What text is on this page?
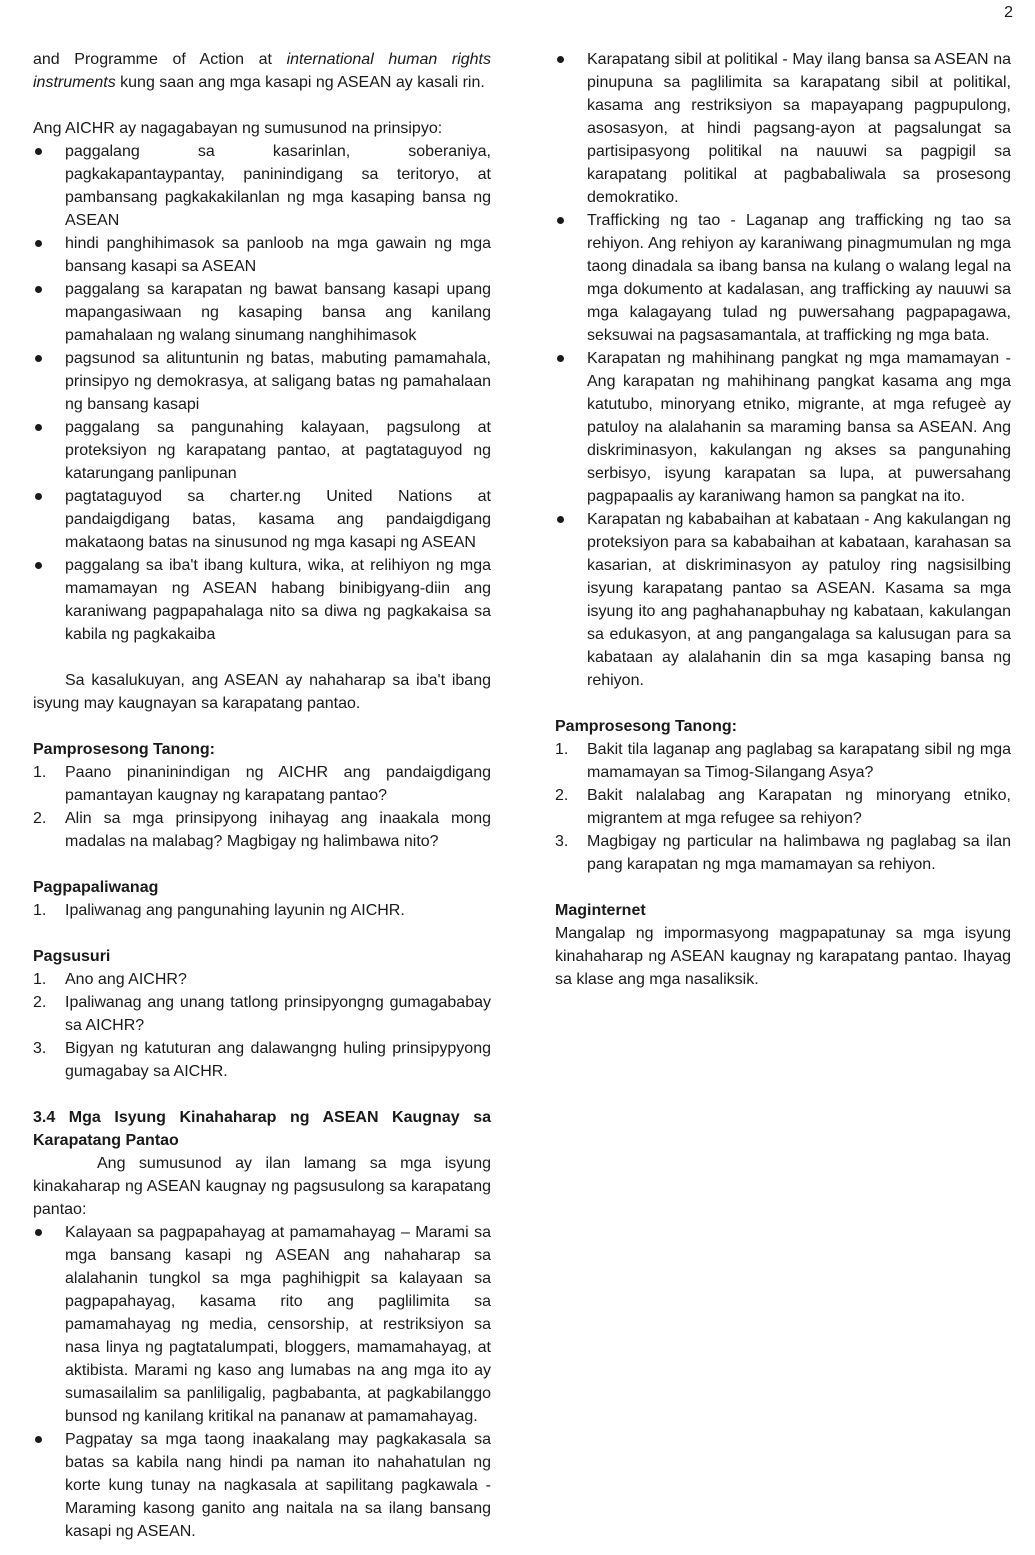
2

and Programme of Action at international human rights instruments kung saan ang mga kasapi ng ASEAN ay kasali rin.

Ang AICHR ay nagagabayan ng sumusunod na prinsipyo:

paggalang sa kasarinlan, soberaniya, pagkakapantaypantay, paninindigang sa teritoryo, at pambansang pagkakakilanlan ng mga kasaping bansa ng ASEAN
hindi panghihimasok sa panloob na mga gawain ng mga bansang kasapi sa ASEAN
paggalang sa karapatan ng bawat bansang kasapi upang mapangasiwaan ng kasaping bansa ang kanilang pamahalaan ng walang sinumang nanghihimasok
pagsunod sa alituntunin ng batas, mabuting pamamahala, prinsipyo ng demokrasya, at saligang batas ng pamahalaan ng bansang kasapi
paggalang sa pangunahing kalayaan, pagsulong at proteksiyon ng karapatang pantao, at pagtataguyod ng katarungang panlipunan
pagtataguyod sa charter.ng United Nations at pandaigdigang batas, kasama ang pandaigdigang makataong batas na sinusunod ng mga kasapi ng ASEAN
paggalang sa iba't ibang kultura, wika, at relihiyon ng mga mamamayan ng ASEAN habang binibigyang-diin ang karaniwang pagpapahalaga nito sa diwa ng pagkakaisa sa kabila ng pagkakaiba

Sa kasalukuyan, ang ASEAN ay nahaharap sa iba't ibang isyung may kaugnayan sa karapatang pantao.

Pamprosesong Tanong:
1. Paano pinaninindigan ng AICHR ang pandaigdigang pamantayan kaugnay ng karapatang pantao?
2. Alin sa mga prinsipyong inihayag ang inaakala mong madalas na malabag? Magbigay ng halimbawa nito?
Pagpapaliwanag
1. Ipaliwanag ang pangunahing layunin ng AICHR.
Pagsusuri
1. Ano ang AICHR?
2. Ipaliwanag ang unang tatlong prinsipyongng gumagababay sa AICHR?
3. Bigyan ng katuturan ang dalawangng huling prinsipypyong gumagabay sa AICHR.

3.4 Mga Isyung Kinahaharap ng ASEAN Kaugnay sa Karapatang Pantao

Ang sumusunod ay ilan lamang sa mga isyung kinakaharap ng ASEAN kaugnay ng pagsusulong sa karapatang pantao:

Kalayaan sa pagpapahayag at pamamahayag – Marami sa mga bansang kasapi ng ASEAN ang nahaharap sa alalahanin tungkol sa mga paghihigpit sa kalayaan sa pagpapahayag, kasama rito ang paglilimita sa pamamahayag ng media, censorship, at restriksiyon sa nasa linya ng pagtatalumpati, bloggers, mamamahayag, at aktibista. Marami ng kaso ang lumabas na ang mga ito ay sumasailalim sa panliligalig, pagbabanta, at pagkabilanggo bunsod ng kanilang kritikal na pananaw at pamamahayag.
Pagpatay sa mga taong inaakalang may pagkakasala sa batas sa kabila nang hindi pa naman ito nahahatulan ng korte kung tunay na nagkasala at sapilitang pagkawala - Maraming kasong ganito ang naitala na sa ilang bansang kasapi ng ASEAN.
Karapatang sibil at politikal - May ilang bansa sa ASEAN na pinupuna sa paglilimita sa karapatang sibil at politikal, kasama ang restriksiyon sa mapayapang pagpupulong, asosasyon, at hindi pagsang-ayon at pagsalungat sa partisipasyong politikal na nauuwi sa pagpigil sa karapatang politikal at pagbabaliwala sa prosesong demokratiko.
Trafficking ng tao - Laganap ang trafficking ng tao sa rehiyon. Ang rehiyon ay karaniwang pinagmumulan ng mga taong dinadala sa ibang bansa na kulang o walang legal na mga dokumento at kadalasan, ang trafficking ay nauuwi sa mga kalagayang tulad ng puwersahang pagpapagawa, seksuwai na pagsasamantala, at trafficking ng mga bata.
Karapatan ng mahihinang pangkat ng mga mamamayan - Ang karapatan ng mahihinang pangkat kasama ang mga katutubo, minoryang etniko, migrante, at mga refugeè ay patuloy na alalahanin sa maraming bansa sa ASEAN. Ang diskriminasyon, kakulangan ng akses sa pangunahing serbisyo, isyung karapatan sa lupa, at puwersahang pagpapaalis ay karaniwang hamon sa pangkat na ito.
Karapatan ng kababaihan at kabataan - Ang kakulangan ng proteksiyon para sa kababaihan at kabataan, karahasan sa kasarian, at diskriminasyon ay patuloy ring nagsisilbing isyung karapatang pantao sa ASEAN. Kasama sa mga isyung ito ang paghahanapbuhay ng kabataan, kakulangan sa edukasyon, at ang pangangalaga sa kalusugan para sa kabataan ay alalahanin din sa mga kasaping bansa ng rehiyon.
Pamprosesong Tanong:
1. Bakit tila laganap ang paglabag sa karapatang sibil ng mga mamamayan sa Timog-Silangang Asya?
2. Bakit nalalabag ang Karapatan ng minoryang etniko, migrantem at mga refugee sa rehiyon?
3. Magbigay ng particular na halimbawa ng paglabag sa ilan pang karapatan ng mga mamamayan sa rehiyon.
Maginternet

Mangalap ng impormasyong magpapatunay sa mga isyung kinahaharap ng ASEAN kaugnay ng karapatang pantao. Ihayag sa klase ang mga nasaliksik.
